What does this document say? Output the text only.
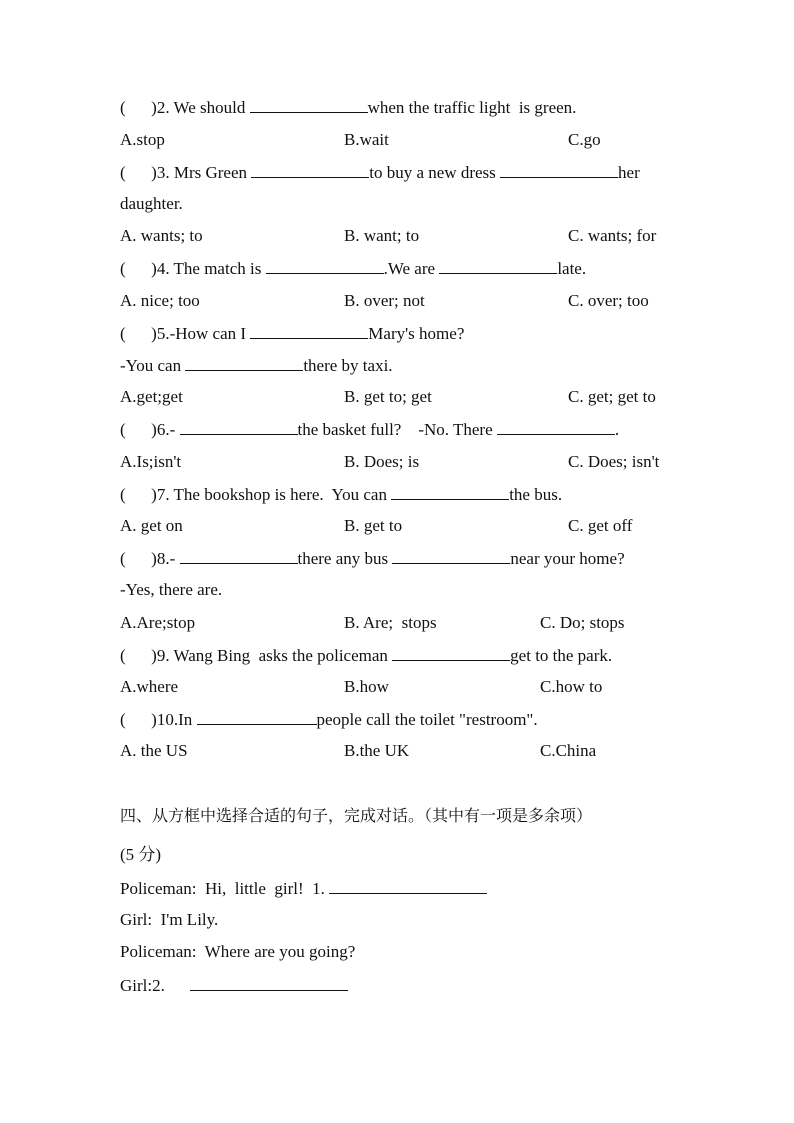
(      )2. We should	when the traffic light  is green.
A.stop	B.wait	C.go
(      )3. Mrs Green	to buy a new dress	her
daughter.
A. wants; to	B. want; to	C. wants; for
(      )4. The match is	.We are	late.
A. nice; too	B. over; not	C. over; too
(      )5.-How can I	Mary's home?
-You can	there by taxi.
A.get;get	B. get to; get	C. get; get to
(      )6.-	the basket full?    -No. There	.
A.Is;isn't	B. Does; is	C. Does; isn't
(      )7. The bookshop is here.  You can	the bus.
A. get on	B. get to	C. get off
(      )8.-	there any bus	near your home?
-Yes, there are.
A.Are;stop	B. Are;  stops	C. Do; stops
(      )9. Wang Bing  asks the policeman	get to the park.
A.where	B.how	C.how to
(      )10.In	people call the toilet "restroom".
A. the US	B.the UK	C.China
四、从方框中选择合适的句子，完成对话。（其中有一项是多余项）
(5 分)
Policeman:  Hi,  little  girl!  1.
Girl:  I'm Lily.
Policeman:  Where are you going?
Girl:2.
